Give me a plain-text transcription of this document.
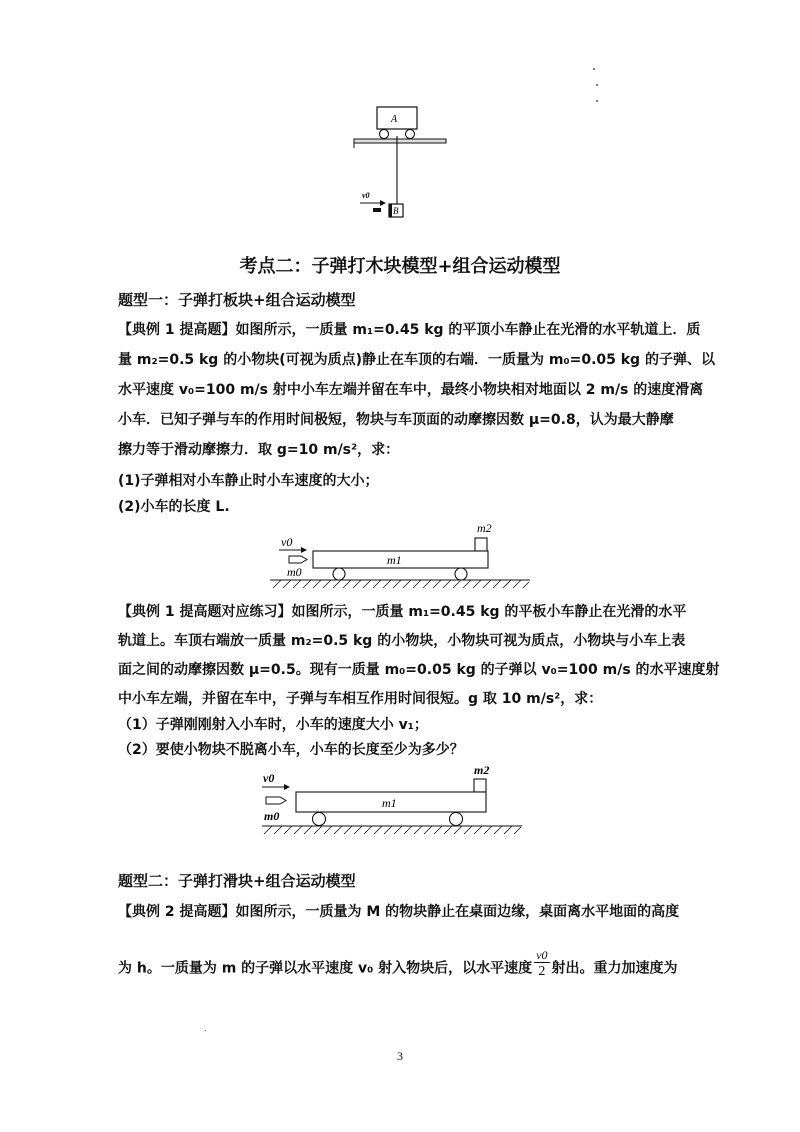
A
B
v0
考点二：子弹打木块模型+组合运动模型
题型一：子弹打板块+组合运动模型
【典例 1 提高题】如图所示，一质量 m₁=0.45 kg 的平顶小车静止在光滑的水平轨道上．质
量 m₂=0.5 kg 的小物块(可视为质点)静止在车顶的右端．一质量为 m₀=0.05 kg 的子弹、以
水平速度 v₀=100 m/s 射中小车左端并留在车中，最终小物块相对地面以 2 m/s 的速度滑离
小车．已知子弹与车的作用时间极短，物块与车顶面的动摩擦因数 μ=0.8，认为最大静摩
擦力等于滑动摩擦力．取 g=10 m/s²，求：
(1)子弹相对小车静止时小车速度的大小；
(2)小车的长度 L.
m2
m1
v0
m0
【典例 1 提高题对应练习】如图所示，一质量 m₁=0.45 kg 的平板小车静止在光滑的水平
轨道上。车顶右端放一质量 m₂=0.5 kg 的小物块，小物块可视为质点，小物块与小车上表
面之间的动摩擦因数 μ=0.5。现有一质量 m₀=0.05 kg 的子弹以 v₀=100 m/s 的水平速度射
中小车左端，并留在车中，子弹与车相互作用时间很短。g 取 10 m/s²，求：
（1）子弹刚刚射入小车时，小车的速度大小 v₁；
（2）要使小物块不脱离小车，小车的长度至少为多少？
m2
m1
v0
m0
题型二：子弹打滑块+组合运动模型
【典例 2 提高题】如图所示，一质量为 M 的物块静止在桌面边缘，桌面离水平地面的高度
为 h。一质量为 m 的子弹以水平速度 v₀ 射入物块后，以水平速度 $\frac{v0}{2}$ 射出。重力加速度为
3
